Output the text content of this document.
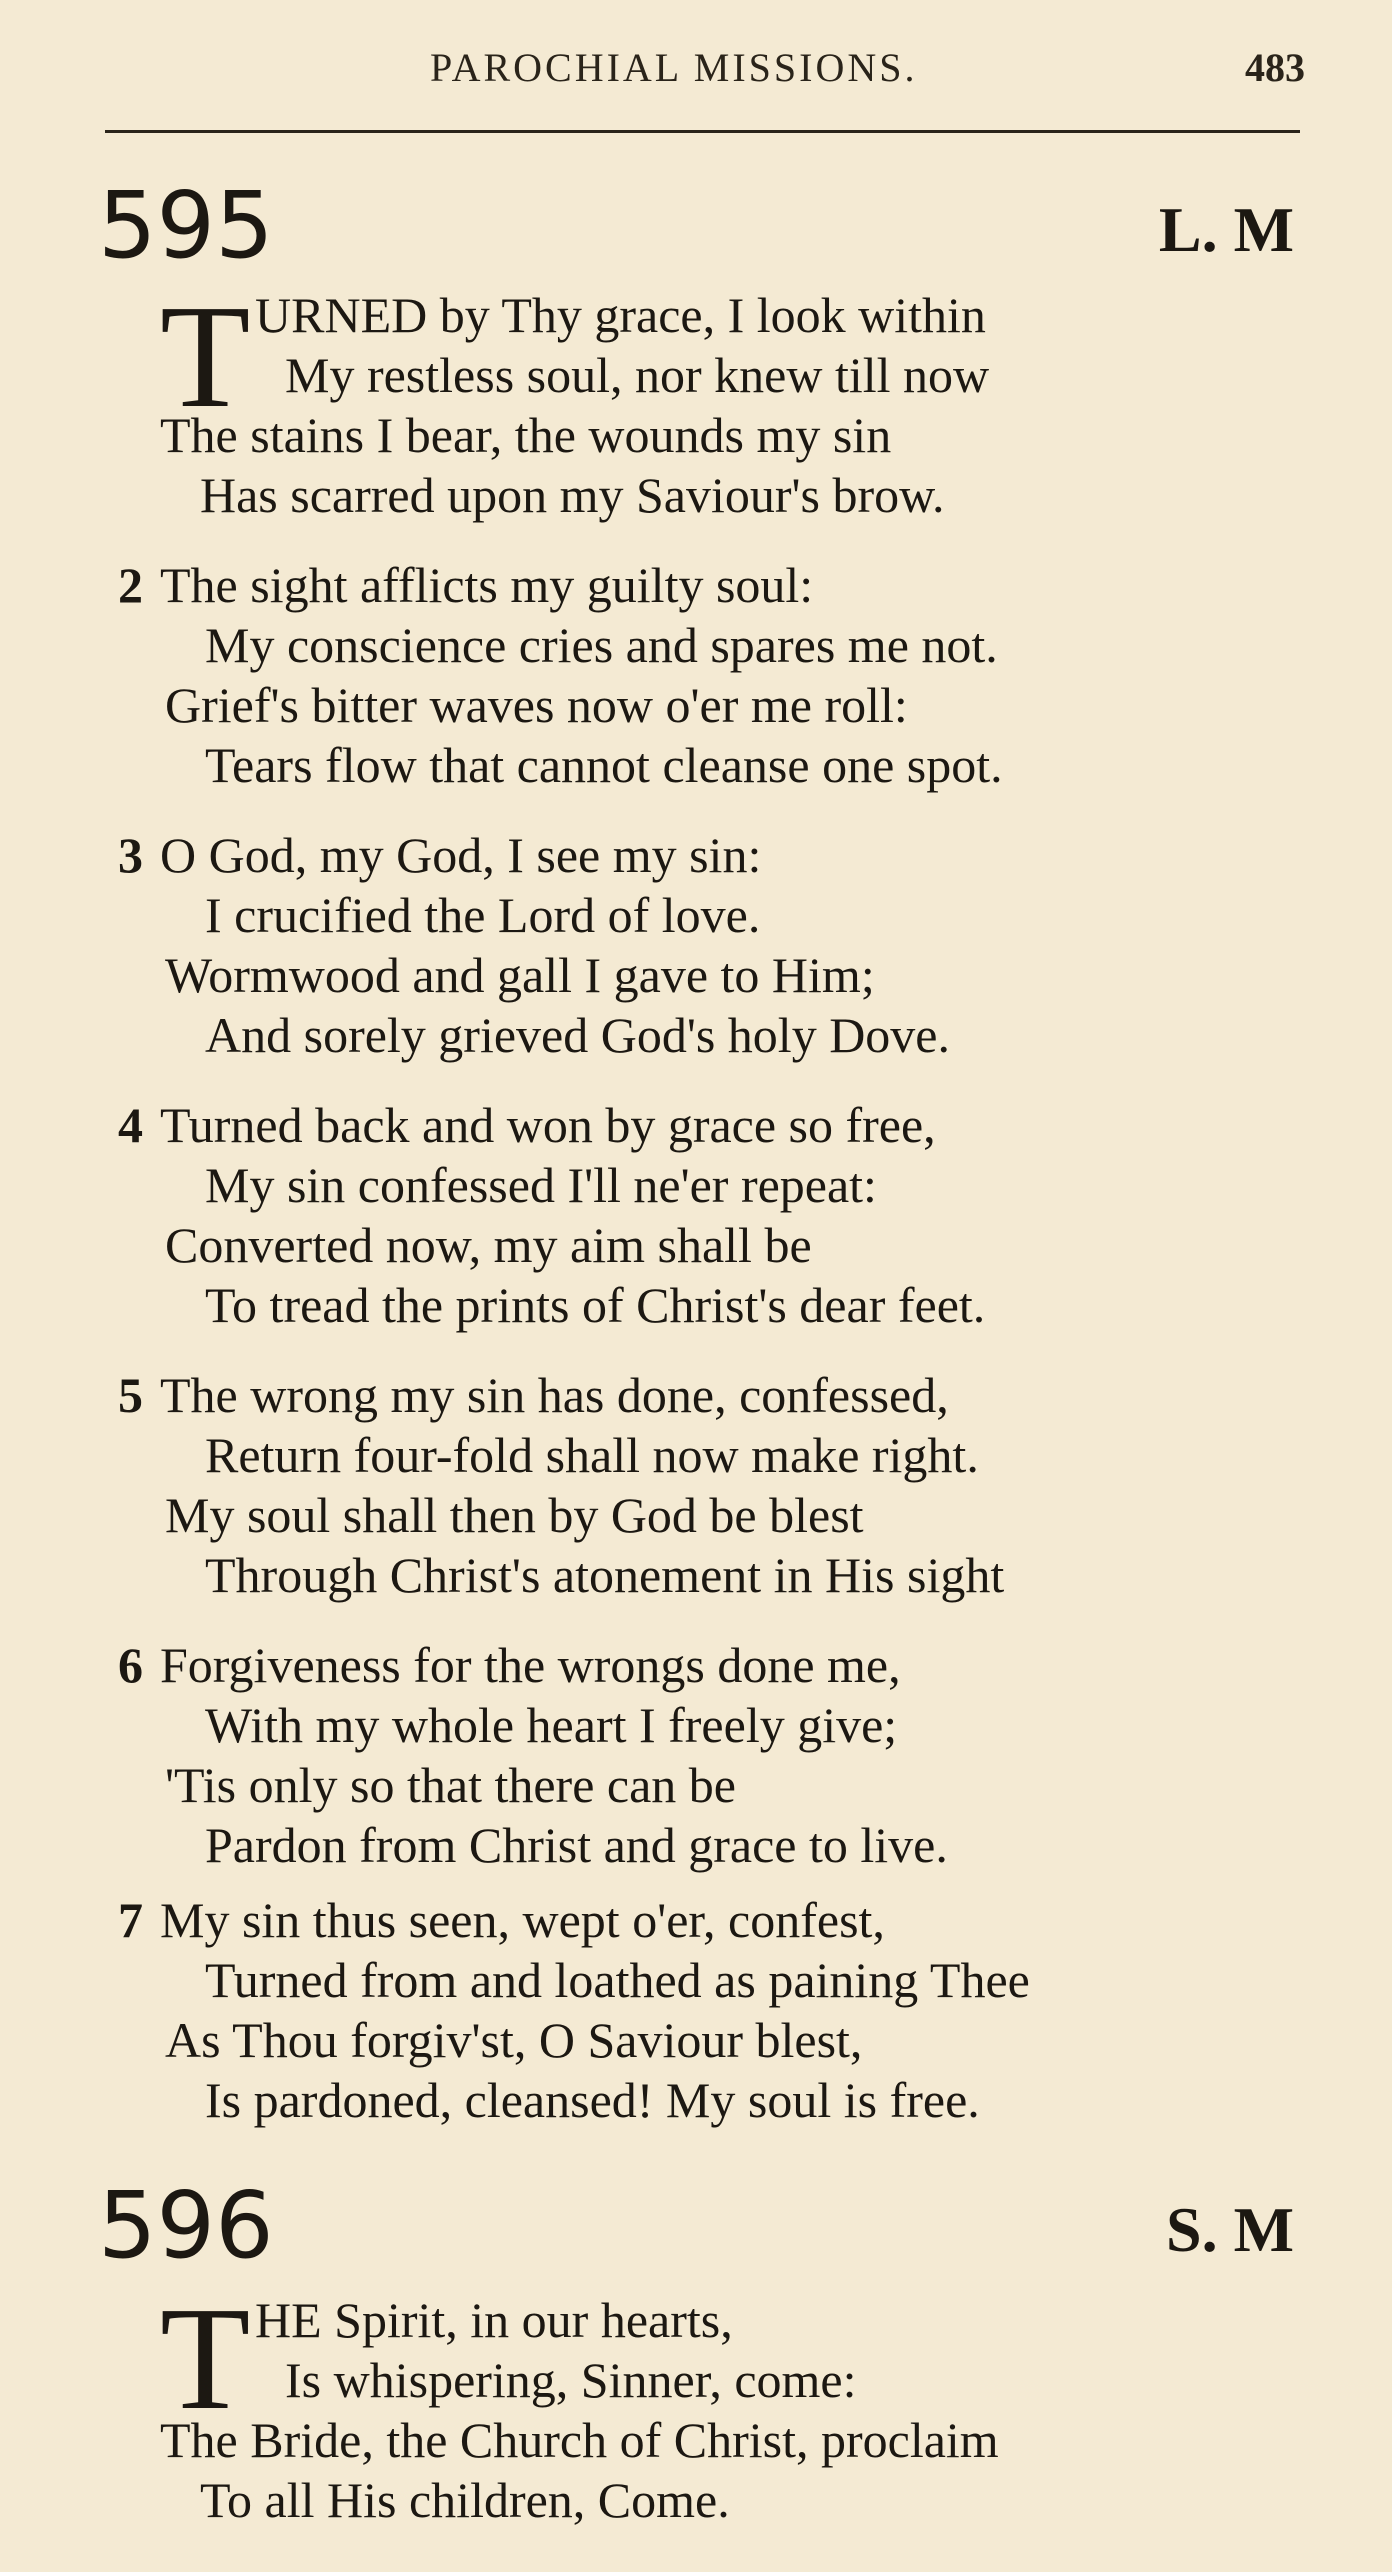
PAROCHIAL MISSIONS.	483
595	L. M
T URNED by Thy grace, I look within
My restless soul, nor knew till now
The stains I bear, the wounds my sin
Has scarred upon my Saviour's brow.
2 The sight afflicts my guilty soul:
My conscience cries and spares me not.
Grief's bitter waves now o'er me roll:
Tears flow that cannot cleanse one spot.
3 O God, my God, I see my sin:
I crucified the Lord of love.
Wormwood and gall I gave to Him;
And sorely grieved God's holy Dove.
4 Turned back and won by grace so free,
My sin confessed I'll ne'er repeat:
Converted now, my aim shall be
To tread the prints of Christ's dear feet.
5 The wrong my sin has done, confessed,
Return four-fold shall now make right.
My soul shall then by God be blest
Through Christ's atonement in His sight
6 Forgiveness for the wrongs done me,
With my whole heart I freely give;
'Tis only so that there can be
Pardon from Christ and grace to live.
7 My sin thus seen, wept o'er, confest,
Turned from and loathed as paining Thee
As Thou forgiv'st, O Saviour blest,
Is pardoned, cleansed! My soul is free.
596	S. M
T HE Spirit, in our hearts,
Is whispering, Sinner, come:
The Bride, the Church of Christ, proclaim
To all His children, Come.
